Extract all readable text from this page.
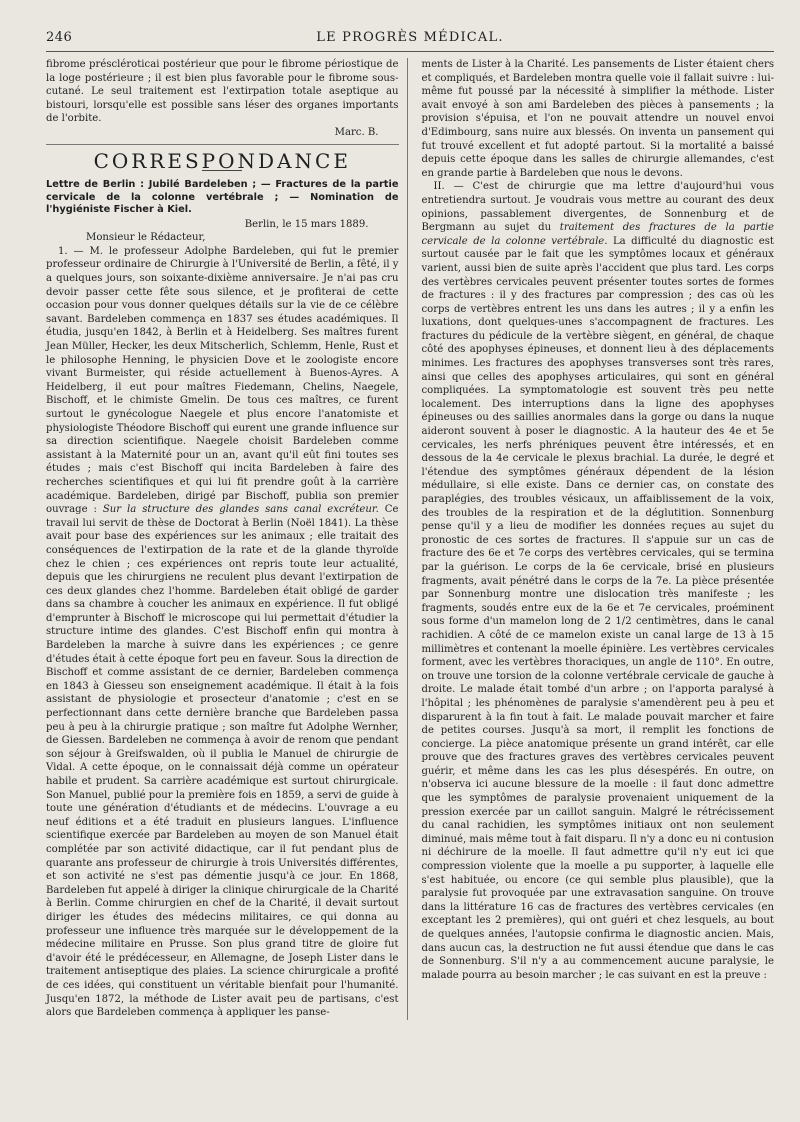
246	LE PROGRÈS MÉDICAL.

fibrome préscléroticai postérieur que pour le fibrome périostique de la loge postérieure ; il est bien plus favorable pour le fibrome sous-cutané. Le seul traitement est l'extirpation totale aseptique au bistouri, lorsqu'elle est possible sans léser des organes importants de l'orbite.

Marc. B.
CORRESPONDANCE
Lettre de Berlin : Jubilé Bardeleben ; — Fractures de la partie cervicale de la colonne vertébrale ; — Nomination de l'hygiéniste Fischer à Kiel.
Berlin, le 15 mars 1889.
Monsieur le Rédacteur,

1. — M. le professeur Adolphe Bardeleben, qui fut le premier professeur ordinaire de Chirurgie à l'Université de Berlin, a fêté, il y a quelques jours, son soixante-dixième anniversaire. Je n'ai pas cru devoir passer cette fête sous silence, et je profiterai de cette occasion pour vous donner quelques détails sur la vie de ce célèbre savant. Bardeleben commença en 1837 ses études académiques. Il étudia, jusqu'en 1842, à Berlin et à Heidelberg. Ses maîtres furent Jean Müller, Hecker, les deux Mitscherlich, Schlemm, Henle, Rust et le philosophe Henning, le physicien Dove et le zoologiste encore vivant Burmeister, qui réside actuellement à Buenos-Ayres. A Heidelberg, il eut pour maîtres Fiedemann, Chelins, Naegele, Bischoff, et le chimiste Gmelin. De tous ces maîtres, ce furent surtout le gynécologue Naegele et plus encore l'anatomiste et physiologiste Théodore Bischoff qui eurent une grande influence sur sa direction scientifique. Naegele choisit Bardeleben comme assistant à la Maternité pour un an, avant qu'il eût fini toutes ses études ; mais c'est Bischoff qui incita Bardeleben à faire des recherches scientifiques et qui lui fit prendre goût à la carrière académique. Bardeleben, dirigé par Bischoff, publia son premier ouvrage : Sur la structure des glandes sans canal excréteur. Ce travail lui servit de thèse de Doctorat à Berlin (Noël 1841). La thèse avait pour base des expériences sur les animaux ; elle traitait des conséquences de l'extirpation de la rate et de la glande thyroïde chez le chien ; ces expériences ont repris toute leur actualité, depuis que les chirurgiens ne reculent plus devant l'extirpation de ces deux glandes chez l'homme. Bardeleben était obligé de garder dans sa chambre à coucher les animaux en expérience. Il fut obligé d'emprunter à Bischoff le microscope qui lui permettait d'étudier la structure intime des glandes. C'est Bischoff enfin qui montra à Bardeleben la marche à suivre dans les expériences ; ce genre d'études était à cette époque fort peu en faveur. Sous la direction de Bischoff et comme assistant de ce dernier, Bardeleben commença en 1843 à Giesseu son enseignement académique. Il était à la fois assistant de physiologie et prosecteur d'anatomie ; c'est en se perfectionnant dans cette dernière branche que Bardeleben passa peu à peu à la chirurgie pratique ; son maître fut Adolphe Wernher, de Giessen. Bardeleben ne commença à avoir de renom que pendant son séjour à Greifswalden, où il publia le Manuel de chirurgie de Vidal. A cette époque, on le connaissait déjà comme un opérateur habile et prudent. Sa carrière académique est surtout chirurgicale. Son Manuel, publié pour la première fois en 1859, a servi de guide à toute une génération d'étudiants et de médecins. L'ouvrage a eu neuf éditions et a été traduit en plusieurs langues. L'influence scientifique exercée par Bardeleben au moyen de son Manuel était complétée par son activité didactique, car il fut pendant plus de quarante ans professeur de chirurgie à trois Universités différentes, et son activité ne s'est pas démentie jusqu'à ce jour. En 1868, Bardeleben fut appelé à diriger la clinique chirurgicale de la Charité à Berlin. Comme chirurgien en chef de la Charité, il devait surtout diriger les études des médecins militaires, ce qui donna au professeur une influence très marquée sur le développement de la médecine militaire en Prusse. Son plus grand titre de gloire fut d'avoir été le prédécesseur, en Allemagne, de Joseph Lister dans le traitement antiseptique des plaies. La science chirurgicale a profité de ces idées, qui constituent un véritable bienfait pour l'humanité. Jusqu'en 1872, la méthode de Lister avait peu de partisans, c'est alors que Bardeleben commença à appliquer les panse-

ments de Lister à la Charité. Les pansements de Lister étaient chers et compliqués, et Bardeleben montra quelle voie il fallait suivre : lui-même fut poussé par la nécessité à simplifier la méthode. Lister avait envoyé à son ami Bardeleben des pièces à pansements ; la provision s'épuisa, et l'on ne pouvait attendre un nouvel envoi d'Edimbourg, sans nuire aux blessés. On inventa un pansement qui fut trouvé excellent et fut adopté partout. Si la mortalité a baissé depuis cette époque dans les salles de chirurgie allemandes, c'est en grande partie à Bardeleben que nous le devons.

II. — C'est de chirurgie que ma lettre d'aujourd'hui vous entretiendra surtout. Je voudrais vous mettre au courant des deux opinions, passablement divergentes, de Sonnenburg et de Bergmann au sujet du traitement des fractures de la partie cervicale de la colonne vertébrale. La difficulté du diagnostic est surtout causée par le fait que les symptômes locaux et généraux varient, aussi bien de suite après l'accident que plus tard. Les corps des vertèbres cervicales peuvent présenter toutes sortes de formes de fractures : il y des fractures par compression ; des cas où les corps de vertèbres entrent les uns dans les autres ; il y a enfin les luxations, dont quelques-unes s'accompagnent de fractures. Les fractures du pédicule de la vertèbre siègent, en général, de chaque côté des apophyses épineuses, et donnent lieu à des déplacements minimes. Les fractures des apophyses transverses sont très rares, ainsi que celles des apophyses articulaires, qui sont en général compliquées. La symptomatologie est souvent très peu nette localement. Des interruptions dans la ligne des apophyses épineuses ou des saillies anormales dans la gorge ou dans la nuque aideront souvent à poser le diagnostic. A la hauteur des 4e et 5e cervicales, les nerfs phréniques peuvent être intéressés, et en dessous de la 4e cervicale le plexus brachial. La durée, le degré et l'étendue des symptômes généraux dépendent de la lésion médullaire, si elle existe. Dans ce dernier cas, on constate des paraplégies, des troubles vésicaux, un affaiblissement de la voix, des troubles de la respiration et de la déglutition. Sonnenburg pense qu'il y a lieu de modifier les données reçues au sujet du pronostic de ces sortes de fractures. Il s'appuie sur un cas de fracture des 6e et 7e corps des vertèbres cervicales, qui se termina par la guérison. Le corps de la 6e cervicale, brisé en plusieurs fragments, avait pénétré dans le corps de la 7e. La pièce présentée par Sonnenburg montre une dislocation très manifeste ; les fragments, soudés entre eux de la 6e et 7e cervicales, proéminent sous forme d'un mamelon long de 2 1/2 centimètres, dans le canal rachidien. A côté de ce mamelon existe un canal large de 13 à 15 millimètres et contenant la moelle épinière. Les vertèbres cervicales forment, avec les vertèbres thoraciques, un angle de 110°. En outre, on trouve une torsion de la colonne vertébrale cervicale de gauche à droite. Le malade était tombé d'un arbre ; on l'apporta paralysé à l'hôpital ; les phénomènes de paralysie s'amendèrent peu à peu et disparurent à la fin tout à fait. Le malade pouvait marcher et faire de petites courses. Jusqu'à sa mort, il remplit les fonctions de concierge. La pièce anatomique présente un grand intérêt, car elle prouve que des fractures graves des vertèbres cervicales peuvent guérir, et même dans les cas les plus désespérés. En outre, on n'observa ici aucune blessure de la moelle : il faut donc admettre que les symptômes de paralysie provenaient uniquement de la pression exercée par un caillot sanguin. Malgré le rétrécissement du canal rachidien, les symptômes initiaux ont non seulement diminué, mais même tout à fait disparu. Il n'y a donc eu ni contusion ni déchirure de la moelle. Il faut admettre qu'il n'y eut ici que compression violente que la moelle a pu supporter, à laquelle elle s'est habituée, ou encore (ce qui semble plus plausible), que la paralysie fut provoquée par une extravasation sanguine. On trouve dans la littérature 16 cas de fractures des vertèbres cervicales (en exceptant les 2 premières), qui ont guéri et chez lesquels, au bout de quelques années, l'autopsie confirma le diagnostic ancien. Mais, dans aucun cas, la destruction ne fut aussi étendue que dans le cas de Sonnenburg. S'il n'y a au commencement aucune paralysie, le malade pourra au besoin marcher ; le cas suivant en est la preuve :
